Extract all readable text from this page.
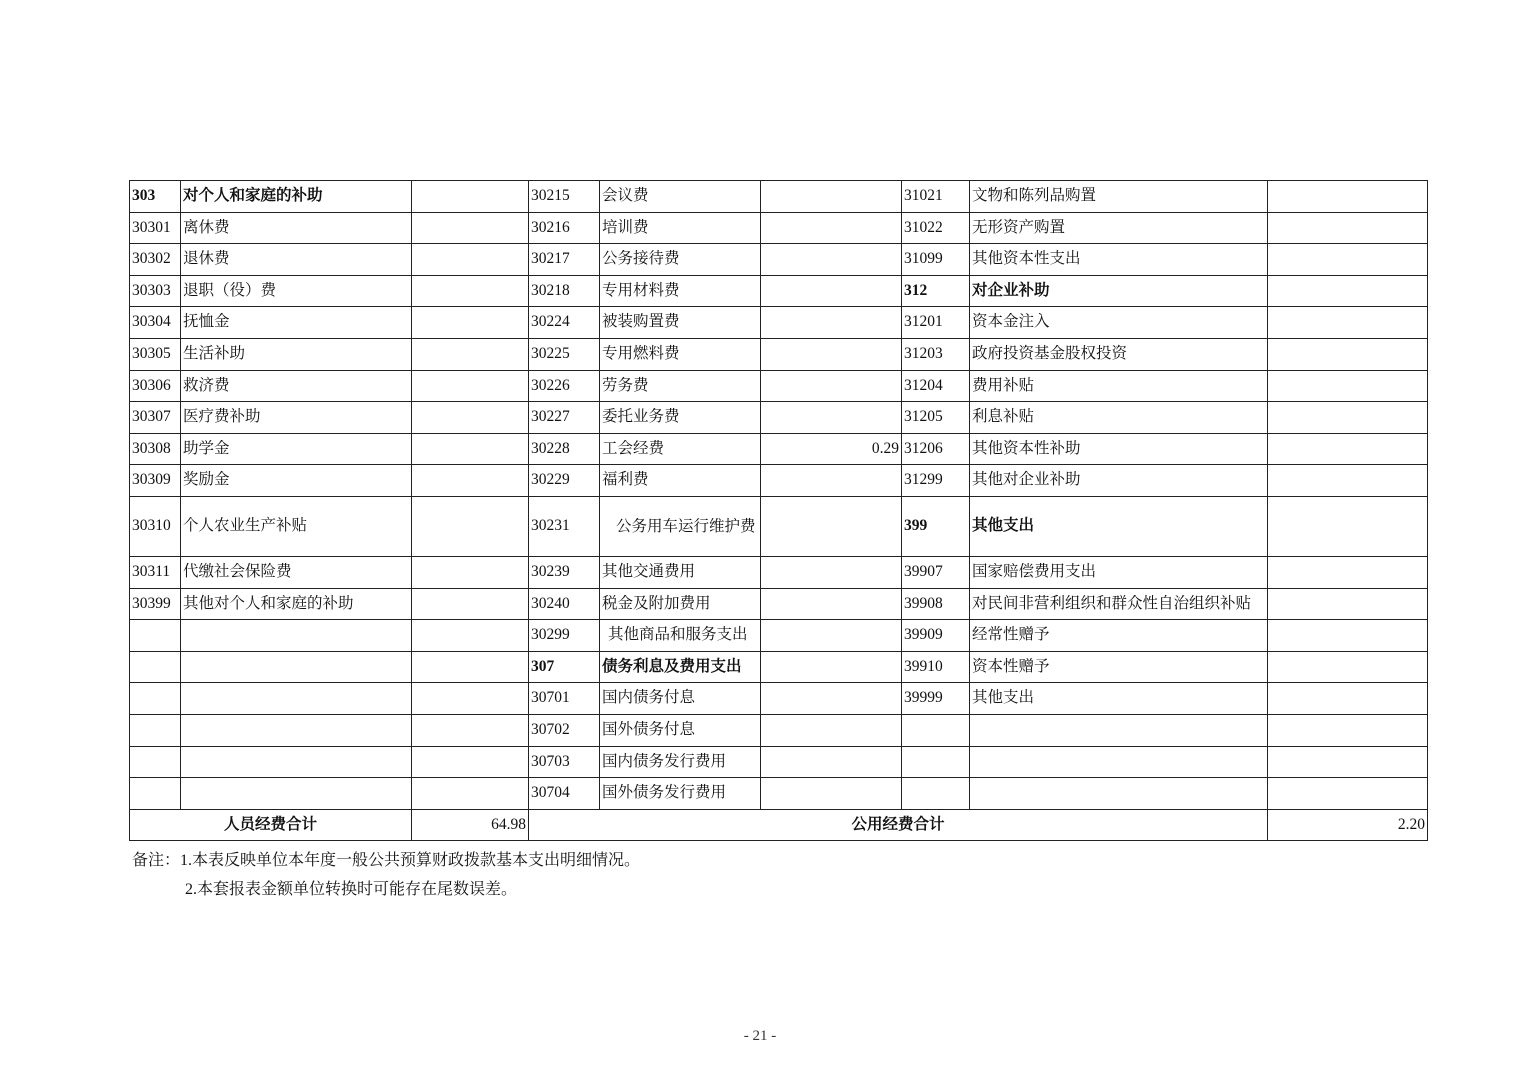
303	对个人和家庭的补助		30215	会议费		31021	文物和陈列品购置	
30301	离休费		30216	培训费		31022	无形资产购置	
30302	退休费		30217	公务接待费		31099	其他资本性支出	
30303	退职（役）费		30218	专用材料费		312	对企业补助	
30304	抚恤金		30224	被装购置费		31201	资本金注入	
30305	生活补助		30225	专用燃料费		31203	政府投资基金股权投资	
30306	救济费		30226	劳务费		31204	费用补贴	
30307	医疗费补助		30227	委托业务费		31205	利息补贴	
30308	助学金		30228	工会经费	0.29	31206	其他资本性补助	
30309	奖励金		30229	福利费		31299	其他对企业补助	
30310	个人农业生产补贴		30231	公务用车运行维护费		399	其他支出	
30311	代缴社会保险费		30239	其他交通费用		39907	国家赔偿费用支出	
30399	其他对个人和家庭的补助		30240	税金及附加费用		39908	对民间非营利组织和群众性自治组织补贴	
			30299	其他商品和服务支出		39909	经常性赠予	
			307	债务利息及费用支出		39910	资本性赠予	
			30701	国内债务付息		39999	其他支出	
			30702	国外债务付息				
			30703	国内债务发行费用				
			30704	国外债务发行费用				
人员经费合计		64.98	公用经费合计					2.20
备注：1.本表反映单位本年度一般公共预算财政拨款基本支出明细情况。
2.本套报表金额单位转换时可能存在尾数误差。
- 21 -
